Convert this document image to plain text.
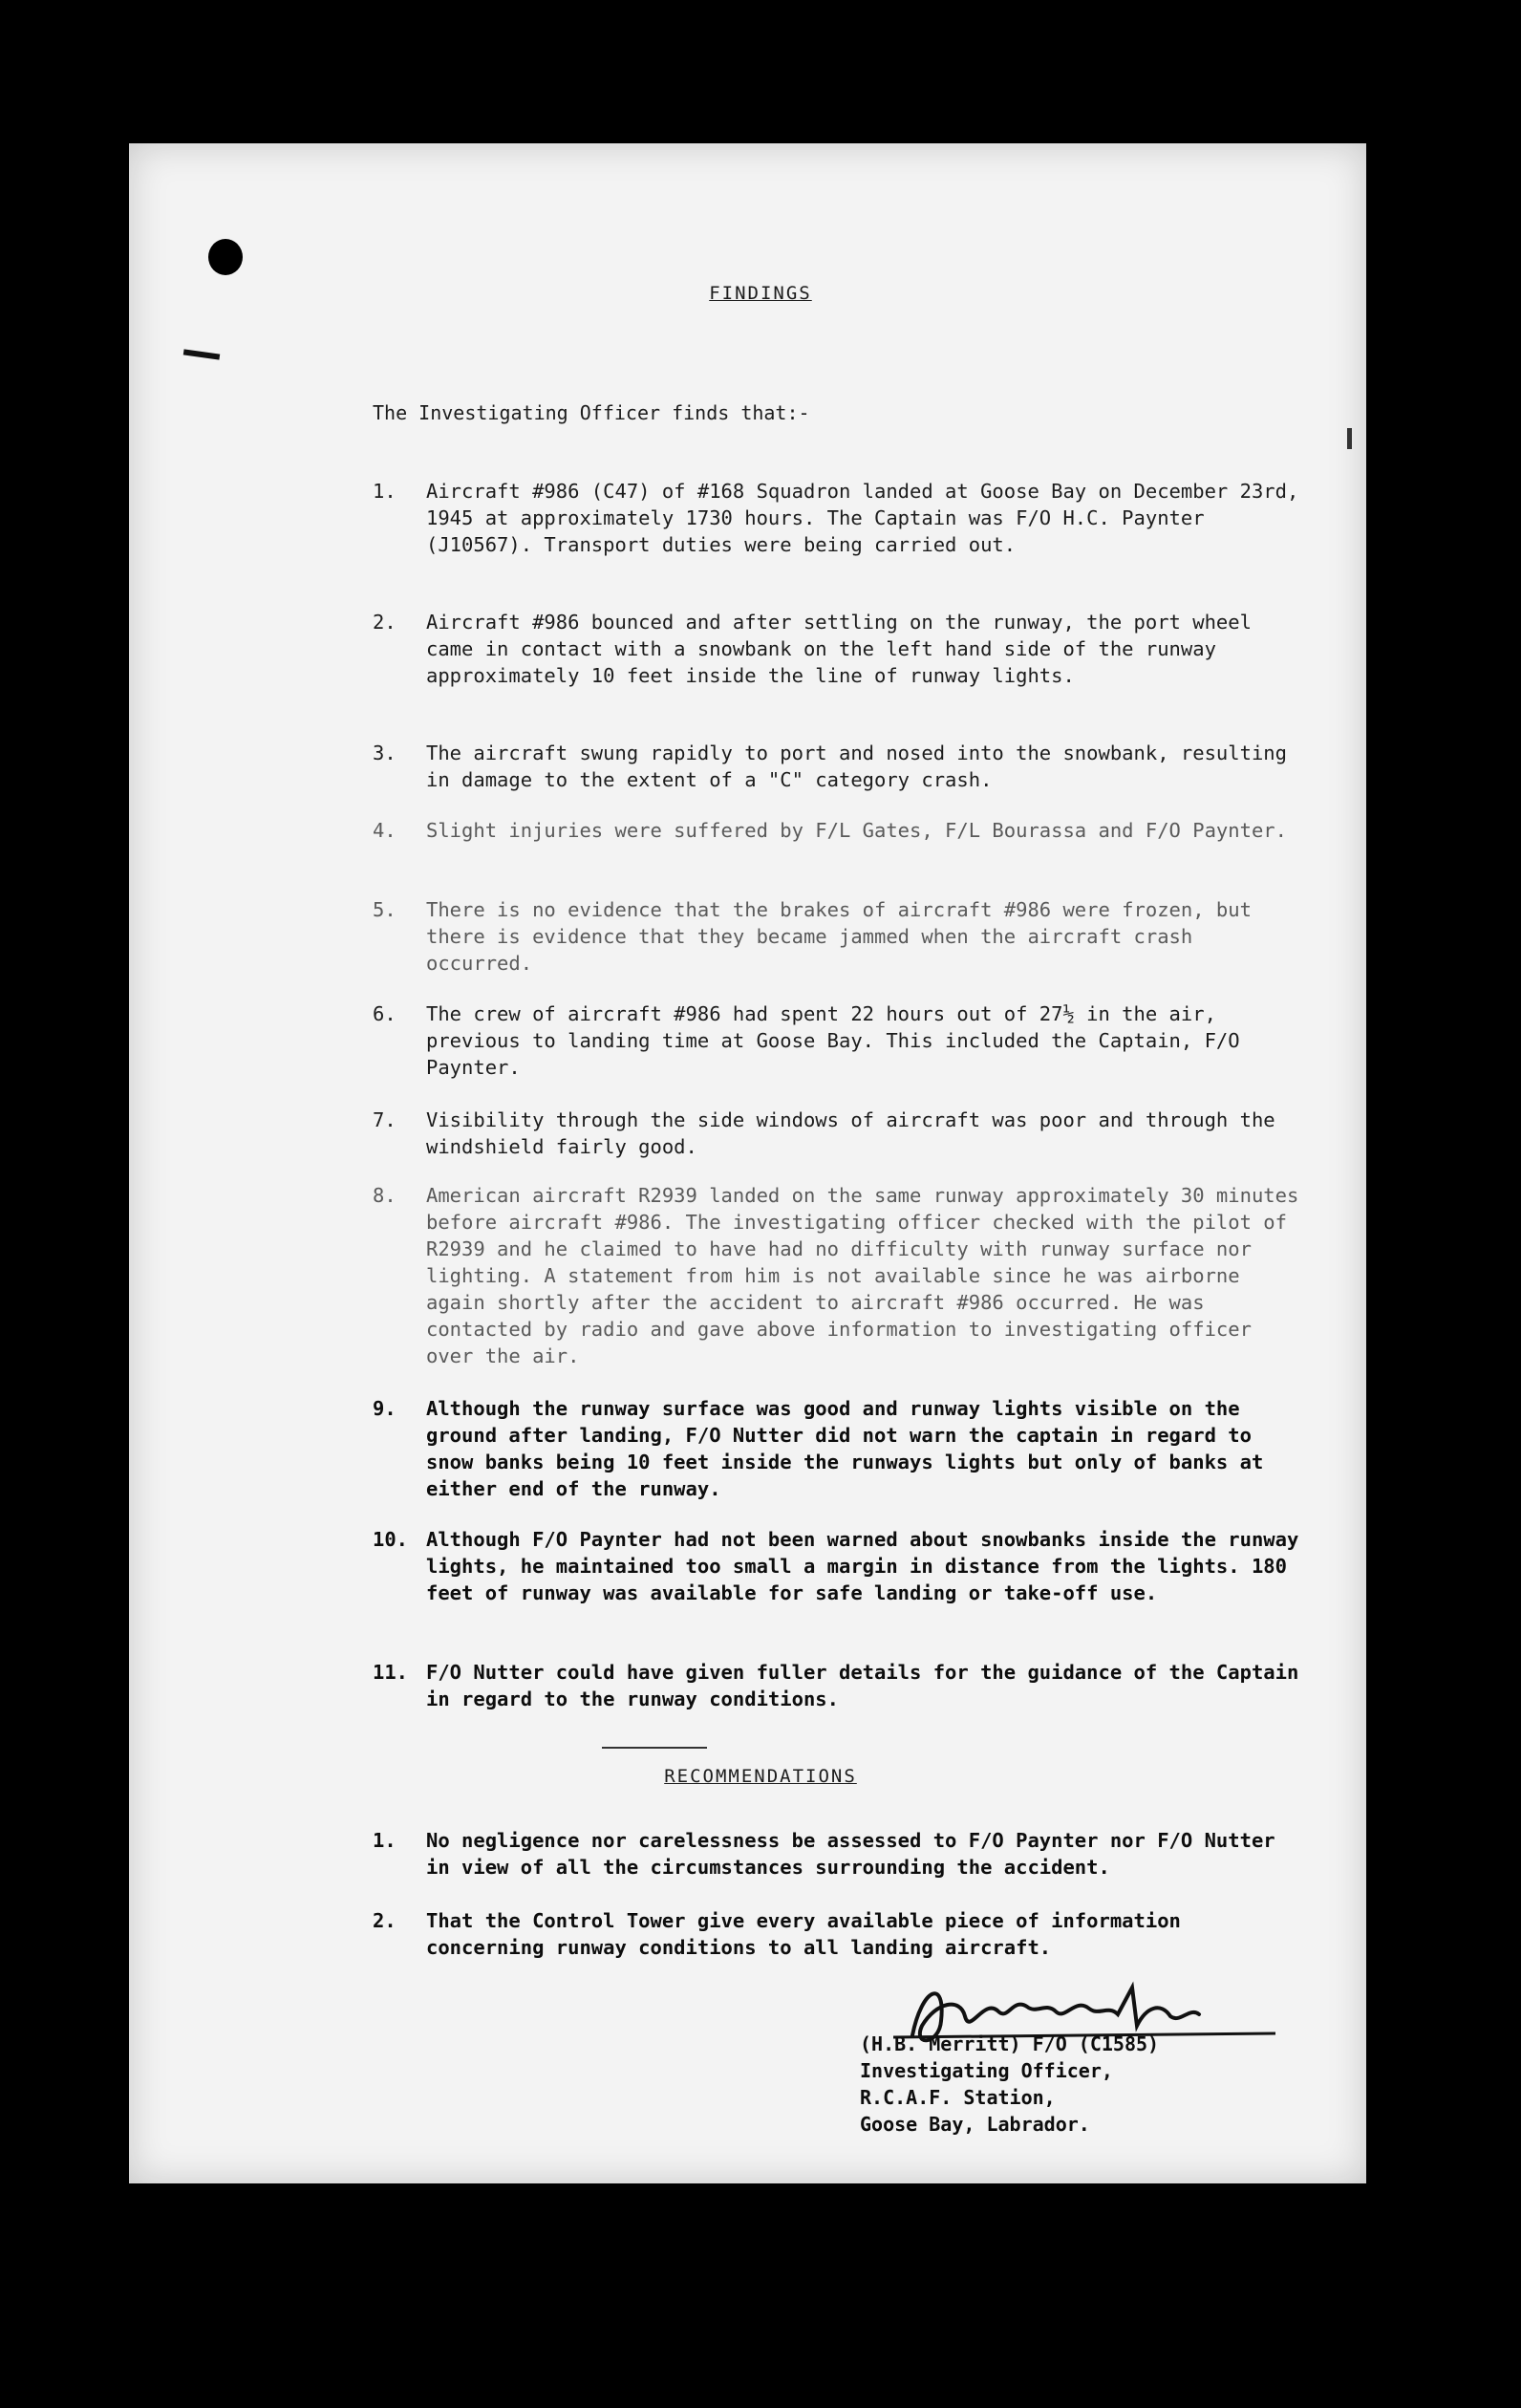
FINDINGS
The Investigating Officer finds that:-
1.	Aircraft #986 (C47) of #168 Squadron landed at Goose Bay on December 23rd, 1945 at approximately 1730 hours. The Captain was F/O H.C. Paynter (J10567). Transport duties were being carried out.
2.	Aircraft #986 bounced and after settling on the runway, the port wheel came in contact with a snowbank on the left hand side of the runway approximately 10 feet inside the line of runway lights.
3.	The aircraft swung rapidly to port and nosed into the snowbank, resulting in damage to the extent of a "C" category crash.
4.	Slight injuries were suffered by F/L Gates, F/L Bourassa and F/O Paynter.
5.	There is no evidence that the brakes of aircraft #986 were frozen, but there is evidence that they became jammed when the aircraft crash occurred.
6.	The crew of aircraft #986 had spent 22 hours out of 27½ in the air, previous to landing time at Goose Bay. This included the Captain, F/O Paynter.
7.	Visibility through the side windows of aircraft was poor and through the windshield fairly good.
8.	American aircraft R2939 landed on the same runway approximately 30 minutes before aircraft #986. The investigating officer checked with the pilot of R2939 and he claimed to have had no difficulty with runway surface nor lighting. A statement from him is not available since he was airborne again shortly after the accident to aircraft #986 occurred. He was contacted by radio and gave above information to investigating officer over the air.
9.	Although the runway surface was good and runway lights visible on the ground after landing, F/O Nutter did not warn the captain in regard to snow banks being 10 feet inside the runways lights but only of banks at either end of the runway.
10. Although F/O Paynter had not been warned about snowbanks inside the runway lights, he maintained too small a margin in distance from the lights. 180 feet of runway was available for safe landing or take-off use.
11. F/O Nutter could have given fuller details for the guidance of the Captain in regard to the runway conditions.
RECOMMENDATIONS
1.	No negligence nor carelessness be assessed to F/O Paynter nor F/O Nutter in view of all the circumstances surrounding the accident.
2.	That the Control Tower give every available piece of information concerning runway conditions to all landing aircraft.
(H.B. Merritt) F/O (C1585)
Investigating Officer,
R.C.A.F. Station,
Goose Bay, Labrador.
